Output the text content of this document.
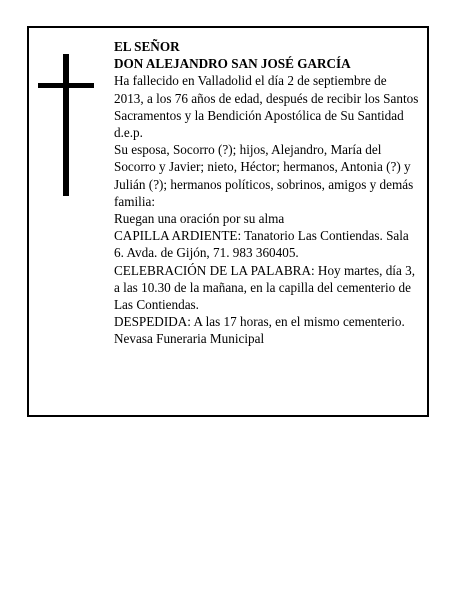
EL SEÑOR

DON ALEJANDRO SAN JOSÉ GARCÍA

Ha fallecido en Valladolid el día 2 de septiembre de 2013, a los 76 años de edad, después de recibir los Santos Sacramentos y la Bendición Apostólica de Su Santidad

d.e.p.

Su esposa, Socorro (?); hijos, Alejandro, María del Socorro y Javier; nieto, Héctor; hermanos, Antonia (?) y Julián (?); hermanos políticos, sobrinos, amigos y demás familia:

Ruegan una oración por su alma

CAPILLA ARDIENTE: Tanatorio Las Contiendas. Sala 6. Avda. de Gijón, 71. 983 360405.

CELEBRACIÓN DE LA PALABRA: Hoy martes, día 3, a las 10.30 de la mañana, en la capilla del cementerio de Las Contiendas.

DESPEDIDA: A las 17 horas, en el mismo cementerio.

Nevasa Funeraria Municipal
